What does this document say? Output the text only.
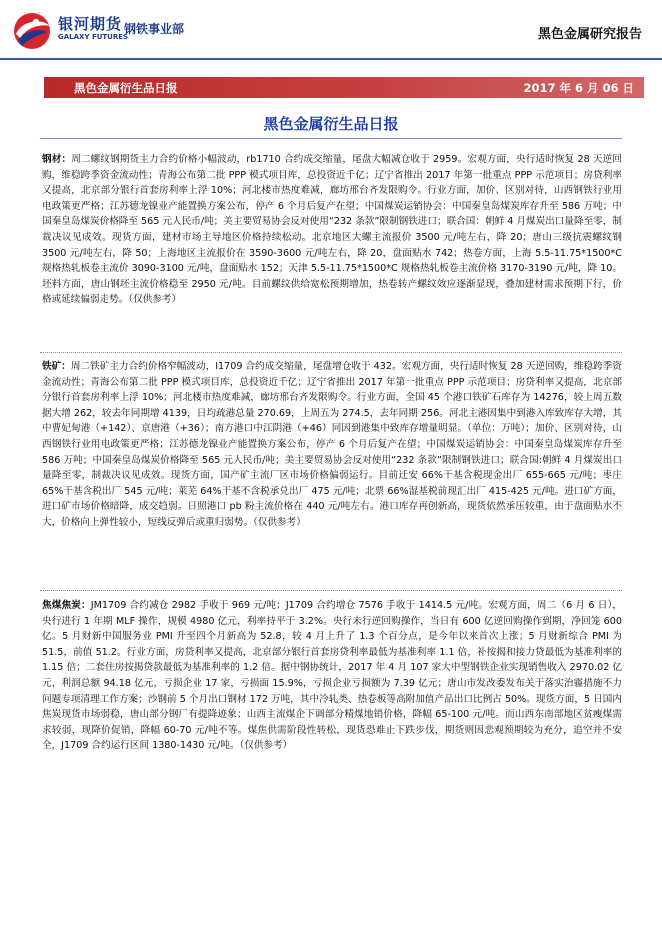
银河期货
GALAXY FUTURES
钢铁事业部	黑色金属研究报告
黑色金属衍生品日报	2017 年 6 月 06 日
黑色金属衍生品日报

钢材：周二螺纹钢期货主力合约价格小幅波动，rb1710 合约成交缩量，尾盘大幅减仓收于 2959。宏观方面，央行适时恢复 28 天逆回购，维稳跨季资金流动性；青海公布第二批 PPP 模式项目库，总投资近千亿；辽宁省推出 2017 年第一批重点 PPP 示范项目；房贷利率又提高，北京部分银行首套房利率上浮 10%；河北楼市热度难减，廊坊邢台齐发限购令。行业方面，加价、区别对待，山西钢铁行业用电政策更严格；江苏德龙镍业产能置换方案公布，停产 6 个月后复产在望；中国煤炭运销协会：中国秦皇岛煤炭库存升至 586 万吨；中国秦皇岛煤炭价格降至 565 元人民币/吨；美主要贸易协会反对使用“232 条款”限制钢铁进口；联合国：朝鲜 4 月煤炭出口量降至零，制裁决议见成效。现货方面，建材市场主导地区价格持续松动。北京地区大螺主流报价 3500 元/吨左右，降 20；唐山三级抗震螺纹钢 3500 元/吨左右，降 50；上海地区主流报价在 3590-3600 元/吨左右，降 20，盘面贴水 742；热卷方面，上海 5.5-11.75*1500*C 规格热轧板卷主流价 3090-3100 元/吨，盘面贴水 152；天津 5.5-11.75*1500*C 规格热轧板卷主流价格 3170-3190 元/吨，降 10。坯料方面，唐山钢坯主流价格稳至 2950 元/吨。目前螺纹供给宽松预期增加，热卷转产螺纹效应逐渐显现，叠加建材需求预期下行，价格或延续偏弱走势。（仅供参考）

铁矿：周二铁矿主力合约价格窄幅波动，I1709 合约成交缩量，尾盘增仓收于 432。宏观方面，央行适时恢复 28 天逆回购，维稳跨季资金流动性；青海公布第二批 PPP 模式项目库，总投资近千亿；辽宁省推出 2017 年第一批重点 PPP 示范项目；房贷利率又提高，北京部分银行首套房利率上浮 10%；河北楼市热度难减，廊坊邢台齐发限购令。行业方面，全国 45 个港口铁矿石库存为 14276，较上周五数据大增 262，较去年同期增 4139，日均疏港总量 270.69，上周五为 274.5，去年同期 256。河北主港因集中到港入库致库存大增，其中曹妃甸港（+142）、京唐港（+36）；南方港口中江阴港（+46）同因到港集中致库存增量明显。（单位：万吨）；加价、区别对待，山西钢铁行业用电政策更严格；江苏德龙镍业产能置换方案公布，停产 6 个月后复产在望；中国煤炭运销协会：中国秦皇岛煤炭库存升至 586 万吨；中国秦皇岛煤炭价格降至 565 元人民币/吨；美主要贸易协会反对使用“232 条款”限制钢铁进口；联合国:朝鲜 4 月煤炭出口量降至零，制裁决议见成效。现货方面，国产矿主流厂区市场价格偏弱运行。目前迁安 66%干基含税现金出厂 655-665 元/吨；枣庄 65%干基含税出厂 545 元/吨；莱芜 64%干基不含税承兑出厂 475 元/吨；北票 66%湿基税前现汇出厂 415-425 元/吨。进口矿方面，进口矿市场价格暗降，成交趋弱。日照港口 pb 粉主流价格在 440 元/吨左右。港口库存再创新高，现货依然承压较重，由于盘面贴水不大，价格向上弹性较小，短线反弹后或重归弱势。（仅供参考）

焦煤焦炭：JM1709 合约减仓 2982 手收于 969 元/吨；J1709 合约增仓 7576 手收于 1414.5 元/吨。宏观方面，周二（6 月 6 日），央行进行 1 年期 MLF 操作，规模 4980 亿元，利率持平于 3.2%。央行未行逆回购操作，当日有 600 亿逆回购操作到期，净回笼 600 亿。5 月财新中国服务业 PMI 升至四个月新高为 52.8，较 4 月上升了 1.3 个百分点，是今年以来首次上涨；5 月财新综合 PMI 为 51.5，前值 51.2。行业方面，房贷利率又提高，北京部分银行首套房贷利率最低为基准利率 1.1 倍，补按揭和接力贷最低为基准利率的 1.15 倍；二套住房按揭贷款最低为基准利率的 1.2 倍。据中钢协统计，2017 年 4 月 107 家大中型钢铁企业实现销售收入 2970.02 亿元，利润总额 94.18 亿元，亏损企业 17 家，亏损面 15.9%，亏损企业亏损额为 7.39 亿元；唐山市发改委发布关于落实治霾措施不力问题专项清理工作方案；沙钢前 5 个月出口钢材 172 万吨，其中冷轧类、热卷板等高附加值产品出口比例占 50%。现货方面，5 日国内焦炭现货市场弱稳，唐山部分钢厂有提降迹象；山西主流煤企下调部分精煤地销价格，降幅 65-100 元/吨。而山西东南部地区贫瘦煤需求较弱，现降价促销，降幅 60-70 元/吨不等。煤焦供需阶段性转松，现货恐难止下跌步伐，期货则因悲观预期较为充分，追空并不安全，J1709 合约运行区间 1380-1430 元/吨。（仅供参考）
